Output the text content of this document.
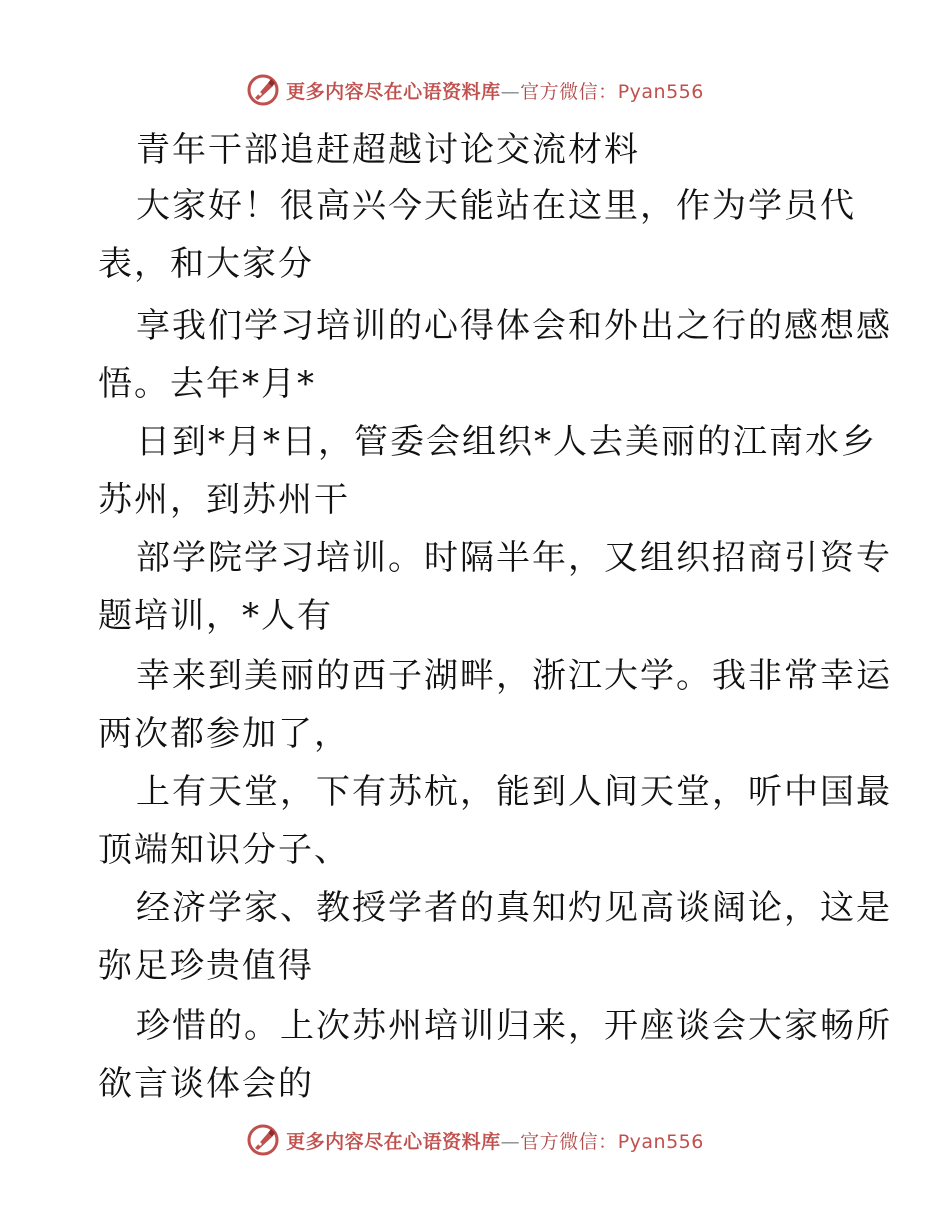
更多内容尽在心语资料库—官方微信：Pyan556
青年干部追赶超越讨论交流材料
大家好！很高兴今天能站在这里，作为学员代
表，和大家分
享我们学习培训的心得体会和外出之行的感想感
悟。去年*月*
日到*月*日，管委会组织*人去美丽的江南水乡
苏州，到苏州干
部学院学习培训。时隔半年，又组织招商引资专
题培训，*人有
幸来到美丽的西子湖畔，浙江大学。我非常幸运
两次都参加了，
上有天堂，下有苏杭，能到人间天堂，听中国最
顶端知识分子、
经济学家、教授学者的真知灼见高谈阔论，这是
弥足珍贵值得
珍惜的。上次苏州培训归来，开座谈会大家畅所
欲言谈体会的
更多内容尽在心语资料库—官方微信：Pyan556
